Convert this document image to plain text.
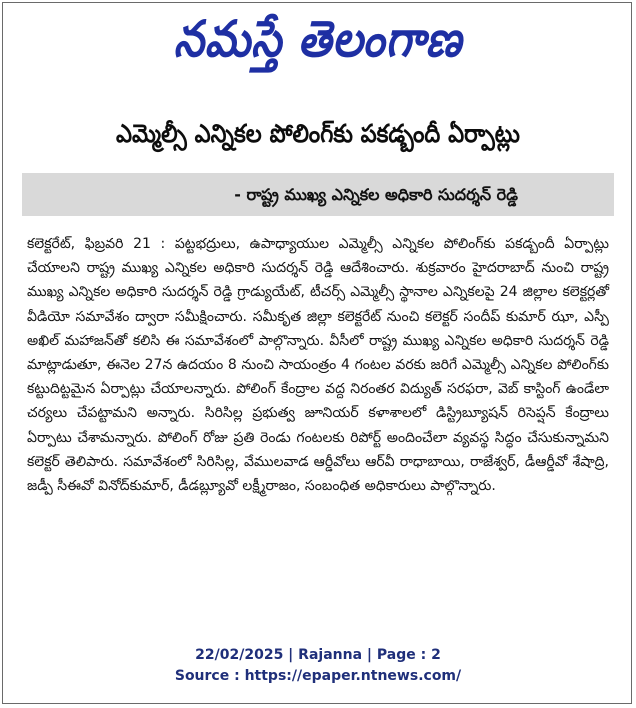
నమస్తే తెలంగాణ
ఎమ్మెల్సీ ఎన్నికల పోలింగ్‌కు పకడ్బందీ ఏర్పాట్లు
- రాష్ట్ర ముఖ్య ఎన్నికల అధికారి సుదర్శన్ రెడ్డి

కలెక్టరేట్, ఫిబ్రవరి 21 : పట్టభద్రులు, ఉపాధ్యాయుల ఎమ్మెల్సీ ఎన్నికల పోలింగ్‌కు పకడ్బందీ ఏర్పాట్లు చేయాలని రాష్ట్ర ముఖ్య ఎన్నికల అధికారి సుదర్శన్ రెడ్డి ఆదేశించారు. శుక్రవారం హైదరాబాద్ నుంచి రాష్ట్ర ముఖ్య ఎన్నికల అధికారి సుదర్శన్ రెడ్డి గ్రాడ్యుయేట్, టీచర్స్ ఎమ్మెల్సీ స్థానాల ఎన్నికలపై 24 జిల్లాల కలెక్టర్లతో వీడియో సమావేశం ద్వారా సమీక్షించారు. సమీకృత జిల్లా కలెక్టరేట్ నుంచి కలెక్టర్ సందీప్ కుమార్ ఝా, ఎస్పీ అఖిల్ మహాజన్‌తో కలిసి ఈ సమావేశంలో పాల్గొన్నారు. వీసీలో రాష్ట్ర ముఖ్య ఎన్నికల అధికారి సుదర్శన్ రెడ్డి మాట్లాడుతూ, ఈనెల 27న ఉదయం 8 నుంచి సాయంత్రం 4 గంటల వరకు జరిగే ఎమ్మెల్సీ ఎన్నికల పోలింగ్‌కు కట్టుదిట్టమైన ఏర్పాట్లు చేయాలన్నారు. పోలింగ్ కేంద్రాల వద్ద నిరంతర విద్యుత్ సరఫరా, వెబ్ కాస్టింగ్ ఉండేలా చర్యలు చేపట్టామని అన్నారు. సిరిసిల్ల ప్రభుత్వ జూనియర్ కళాశాలలో డిస్ట్రిబ్యూషన్ రిసెప్షన్ కేంద్రాలు ఏర్పాటు చేశామన్నారు. పోలింగ్ రోజు ప్రతి రెండు గంటలకు రిపోర్ట్ అందించేలా వ్యవస్థ సిద్ధం చేసుకున్నామని కలెక్టర్ తెలిపారు. సమావేశంలో సిరిసిల్ల, వేములవాడ ఆర్డీవోలు ఆర్‌వీ రాధాబాయి, రాజేశ్వర్, డీఆర్డీవో శేషాద్రి, జడ్పీ సీఈవో వినోద్‌కుమార్, డీడబ్ల్యూవో లక్ష్మీరాజం, సంబంధిత అధికారులు పాల్గొన్నారు.

22/02/2025 | Rajanna | Page : 2
Source : https://epaper.ntnews.com/
